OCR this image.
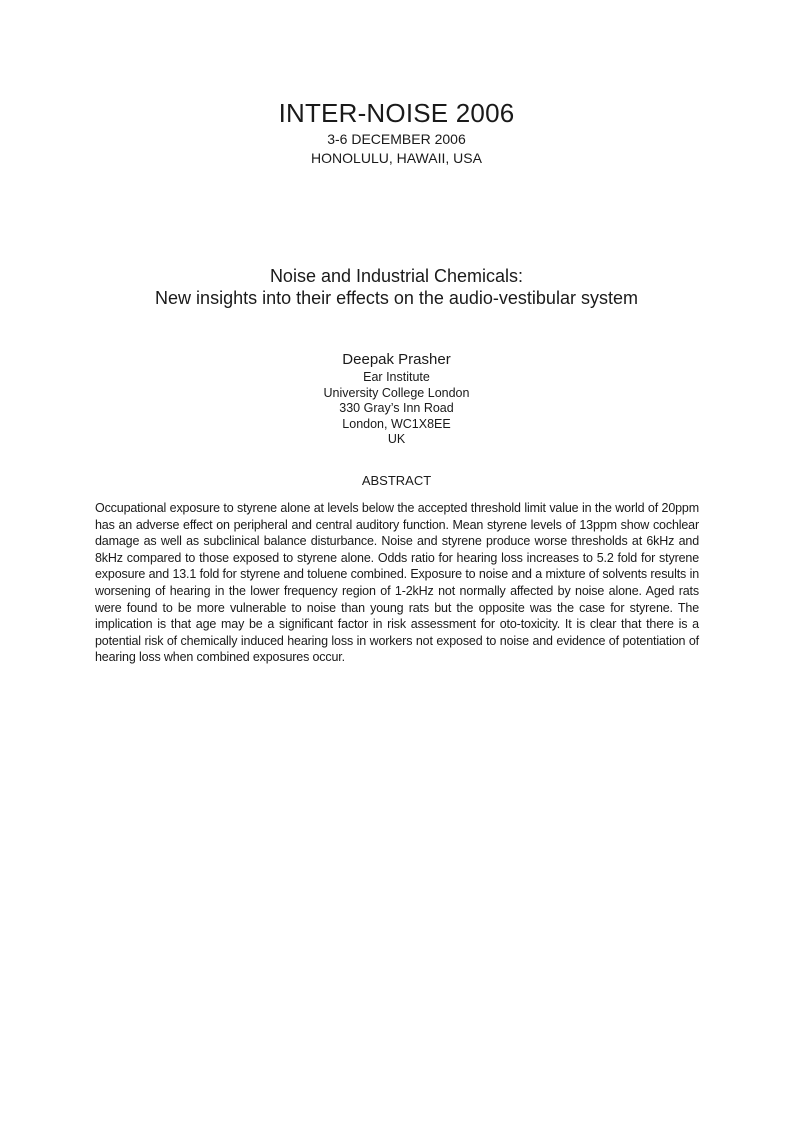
INTER-NOISE 2006
3-6 DECEMBER 2006
HONOLULU, HAWAII, USA
Noise and Industrial Chemicals:
New insights into their effects on the audio-vestibular system
Deepak Prasher
Ear Institute
University College London
330 Gray’s Inn Road
London, WC1X8EE
UK
ABSTRACT
Occupational exposure to styrene alone at levels below the accepted threshold limit value in the world of 20ppm has an adverse effect on peripheral and central auditory function. Mean styrene levels of 13ppm show cochlear damage as well as subclinical balance disturbance. Noise and styrene produce worse thresholds at 6kHz and 8kHz compared to those exposed to styrene alone. Odds ratio for hearing loss increases to 5.2 fold for styrene exposure and 13.1 fold for styrene and toluene combined. Exposure to noise and a mixture of solvents results in worsening of hearing in the lower frequency region of 1-2kHz not normally affected by noise alone. Aged rats were found to be more vulnerable to noise than young rats but the opposite was the case for styrene. The implication is that age may be a significant factor in risk assessment for oto-toxicity. It is clear that there is a potential risk of chemically induced hearing loss in workers not exposed to noise and evidence of potentiation of hearing loss when combined exposures occur.
